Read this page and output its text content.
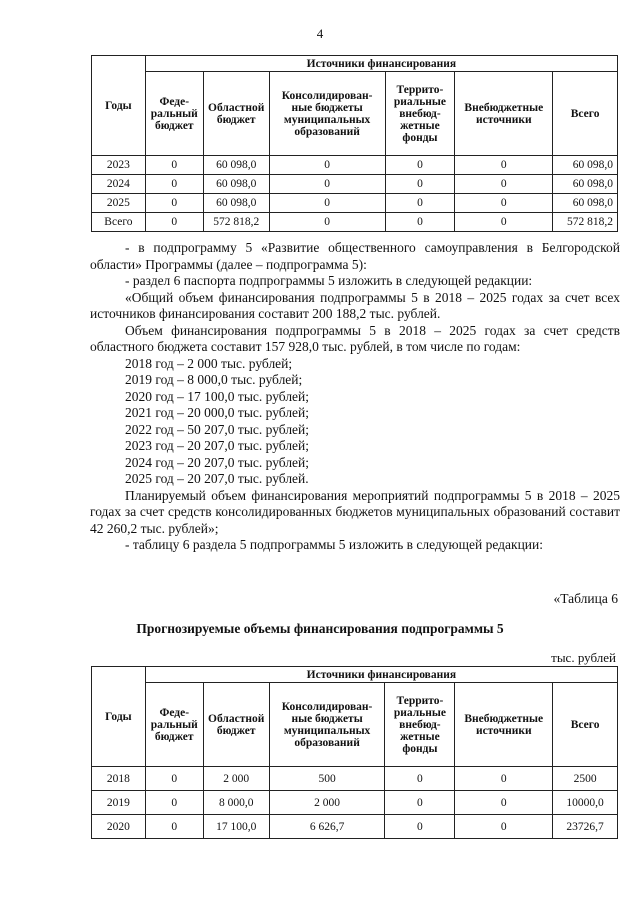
4
Годы	Источники финансирования					
	Феде-ральный бюджет	Областной бюджет	Консолидирован-ные бюджеты муниципальных образований	Террито-риальные внебюд-жетные фонды	Внебюджетные источники	Всего
2023	0	60 098,0	0	0	0	60 098,0
2024	0	60 098,0	0	0	0	60 098,0
2025	0	60 098,0	0	0	0	60 098,0
Всего	0	572 818,2	0	0	0	572 818,2

- в подпрограмму 5 «Развитие общественного самоуправления в Белгородской области» Программы (далее – подпрограмма 5):

- раздел 6 паспорта подпрограммы 5 изложить в следующей редакции:

«Общий объем финансирования подпрограммы 5 в 2018 – 2025 годах за счет всех источников финансирования составит 200 188,2 тыс. рублей.

Объем финансирования подпрограммы 5 в 2018 – 2025 годах за счет средств областного бюджета составит 157 928,0 тыс. рублей, в том числе по годам:

2018 год – 2 000 тыс. рублей;

2019 год – 8 000,0 тыс. рублей;

2020 год – 17 100,0 тыс. рублей;

2021 год – 20 000,0 тыс. рублей;

2022 год – 50 207,0 тыс. рублей;

2023 год – 20 207,0 тыс. рублей;

2024 год – 20 207,0 тыс. рублей;

2025 год – 20 207,0 тыс. рублей.

Планируемый объем финансирования мероприятий подпрограммы 5 в 2018 – 2025 годах за счет средств консолидированных бюджетов муниципальных образований составит 42 260,2 тыс. рублей»;

- таблицу 6 раздела 5 подпрограммы 5 изложить в следующей редакции:

«Таблица 6
Прогнозируемые объемы финансирования подпрограммы 5
тыс. рублей
Годы	Источники финансирования					
	Феде-ральный бюджет	Областной бюджет	Консолидирован-ные бюджеты муниципальных образований	Террито-риальные внебюд-жетные фонды	Внебюджетные источники	Всего
2018	0	2 000	500	0	0	2500
2019	0	8 000,0	2 000	0	0	10000,0
2020	0	17 100,0	6 626,7	0	0	23726,7
